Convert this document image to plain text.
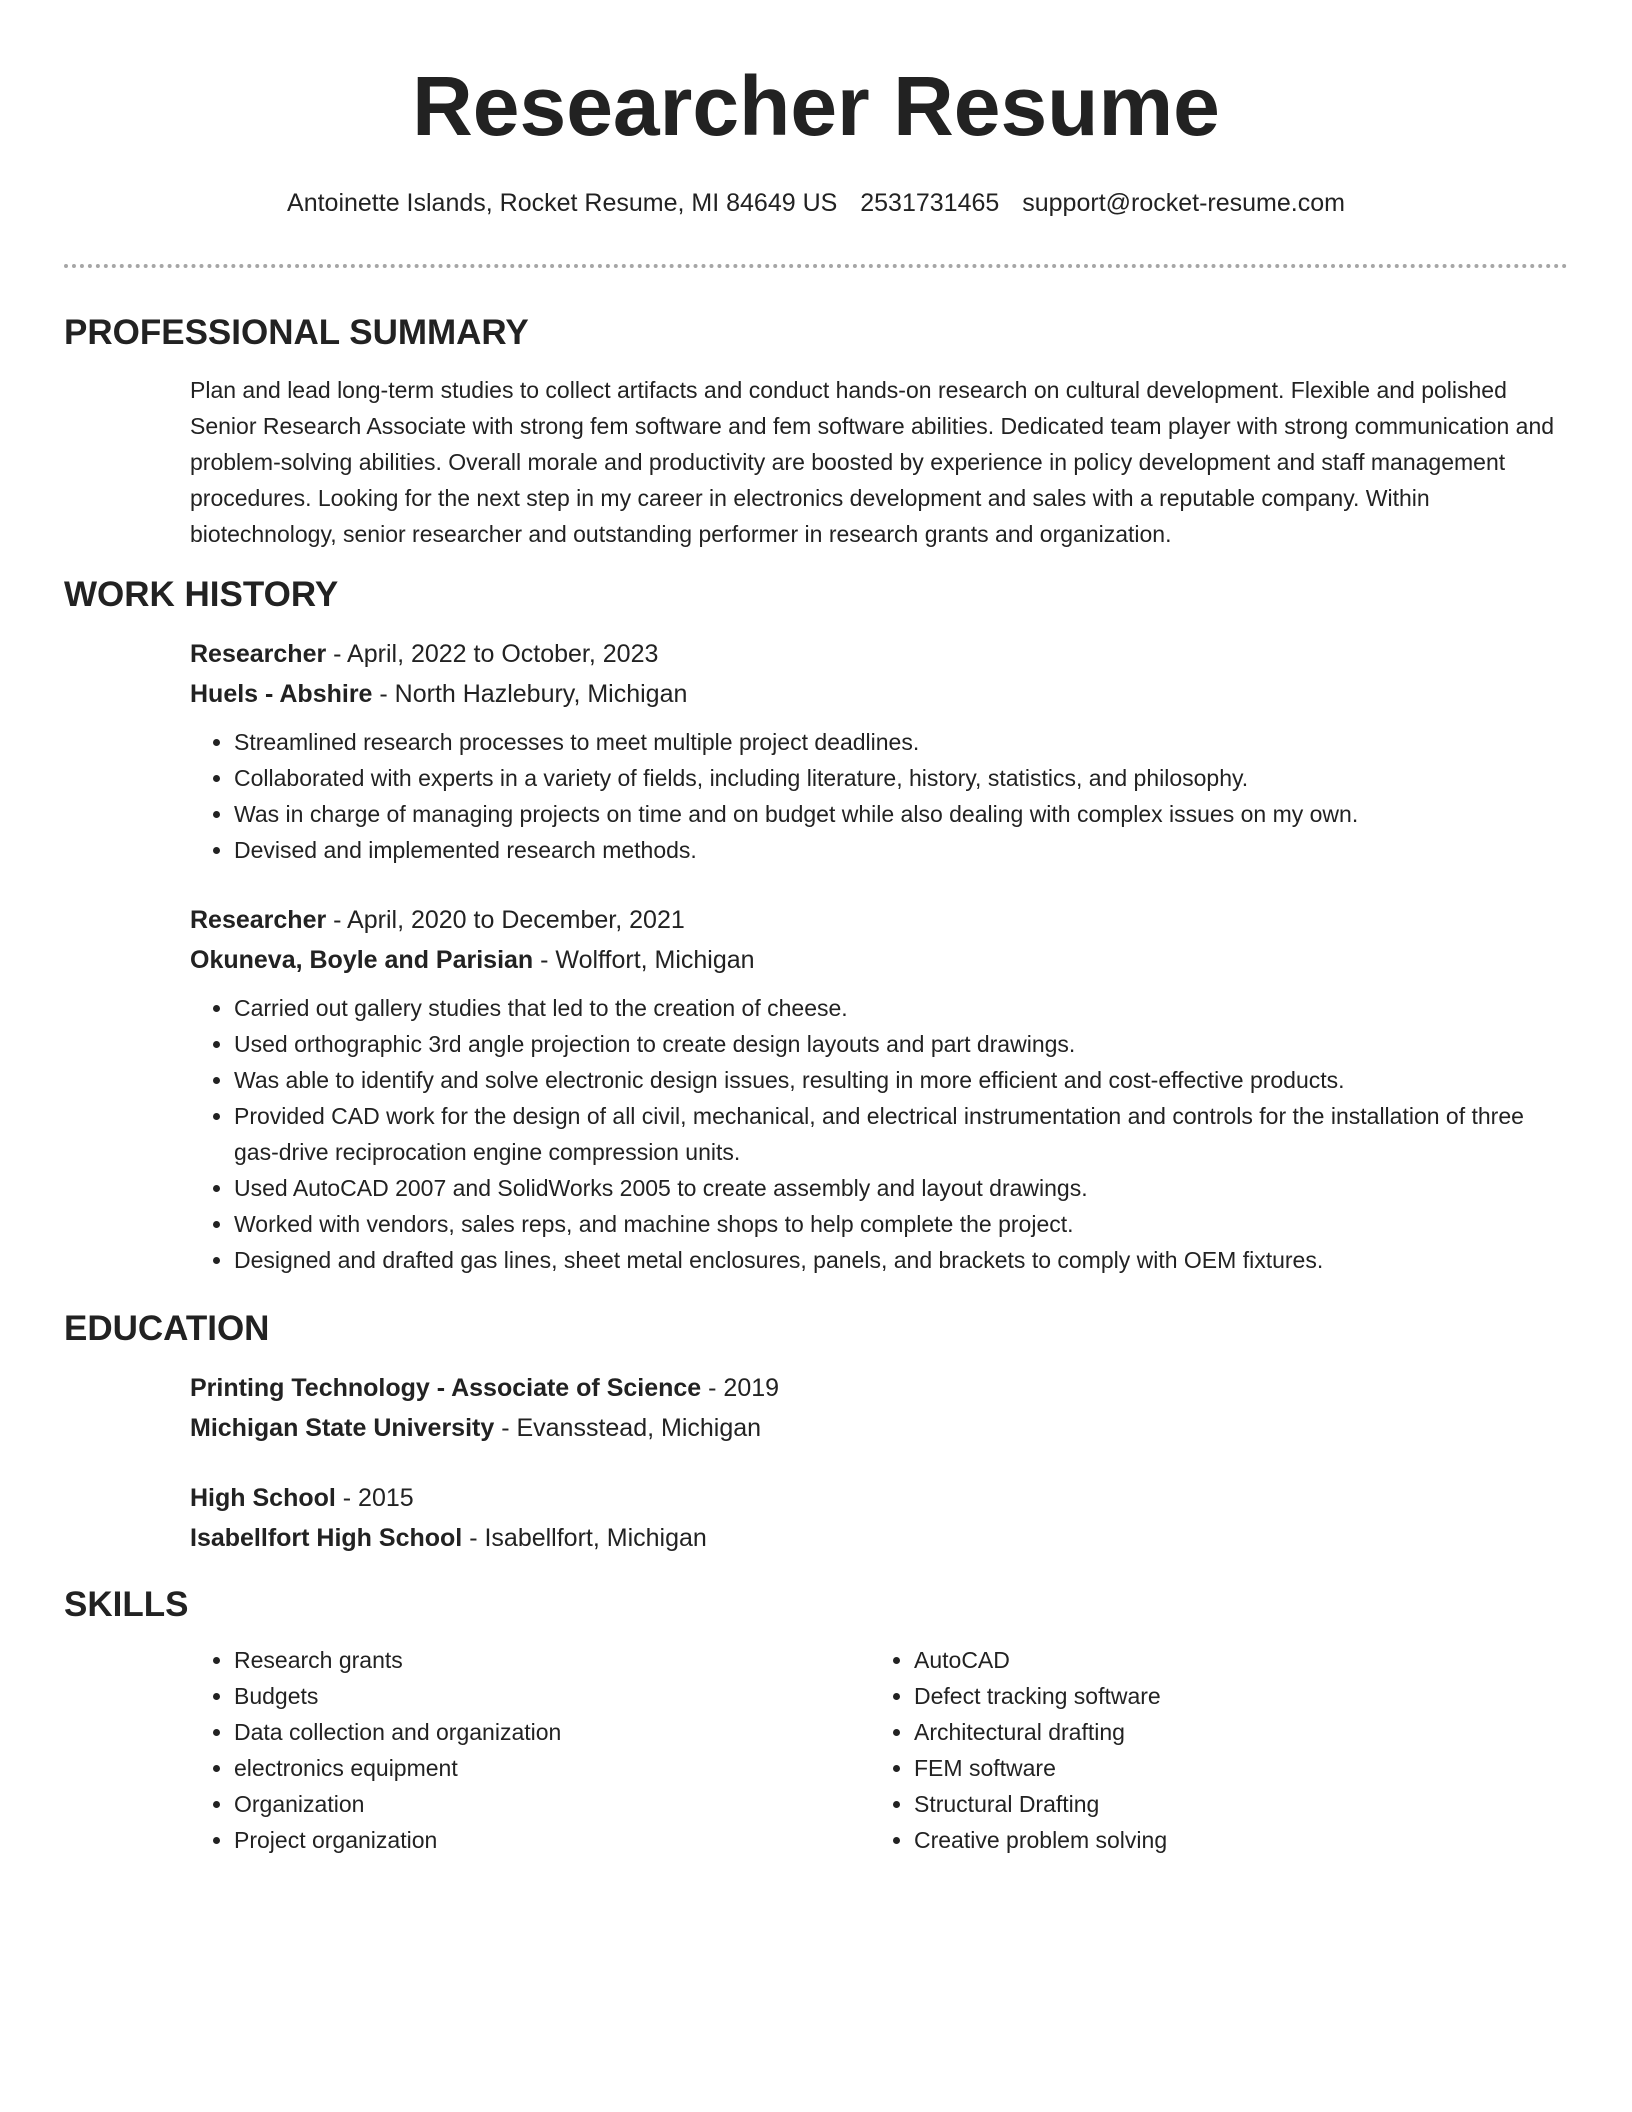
Researcher Resume
Antoinette Islands, Rocket Resume, MI 84649 US 2531731465 support@rocket-resume.com
PROFESSIONAL SUMMARY

Plan and lead long-term studies to collect artifacts and conduct hands-on research on cultural development. Flexible and polished Senior Research Associate with strong fem software and fem software abilities. Dedicated team player with strong communication and problem-solving abilities. Overall morale and productivity are boosted by experience in policy development and staff management procedures. Looking for the next step in my career in electronics development and sales with a reputable company. Within biotechnology, senior researcher and outstanding performer in research grants and organization.

WORK HISTORY

Researcher - April, 2022 to October, 2023

Huels - Abshire - North Hazlebury, Michigan

• Streamlined research processes to meet multiple project deadlines.
• Collaborated with experts in a variety of fields, including literature, history, statistics, and philosophy.
• Was in charge of managing projects on time and on budget while also dealing with complex issues on my own.
• Devised and implemented research methods.

Researcher - April, 2020 to December, 2021

Okuneva, Boyle and Parisian - Wolffort, Michigan

• Carried out gallery studies that led to the creation of cheese.
• Used orthographic 3rd angle projection to create design layouts and part drawings.
• Was able to identify and solve electronic design issues, resulting in more efficient and cost-effective products.
• Provided CAD work for the design of all civil, mechanical, and electrical instrumentation and controls for the installation of three gas-drive reciprocation engine compression units.
• Used AutoCAD 2007 and SolidWorks 2005 to create assembly and layout drawings.
• Worked with vendors, sales reps, and machine shops to help complete the project.
• Designed and drafted gas lines, sheet metal enclosures, panels, and brackets to comply with OEM fixtures.
EDUCATION

Printing Technology - Associate of Science - 2019

Michigan State University - Evansstead, Michigan

High School - 2015

Isabellfort High School - Isabellfort, Michigan

SKILLS
• Research grants
• Budgets
• Data collection and organization
• electronics equipment
• Organization
• Project organization
• AutoCAD
• Defect tracking software
• Architectural drafting
• FEM software
• Structural Drafting
• Creative problem solving
